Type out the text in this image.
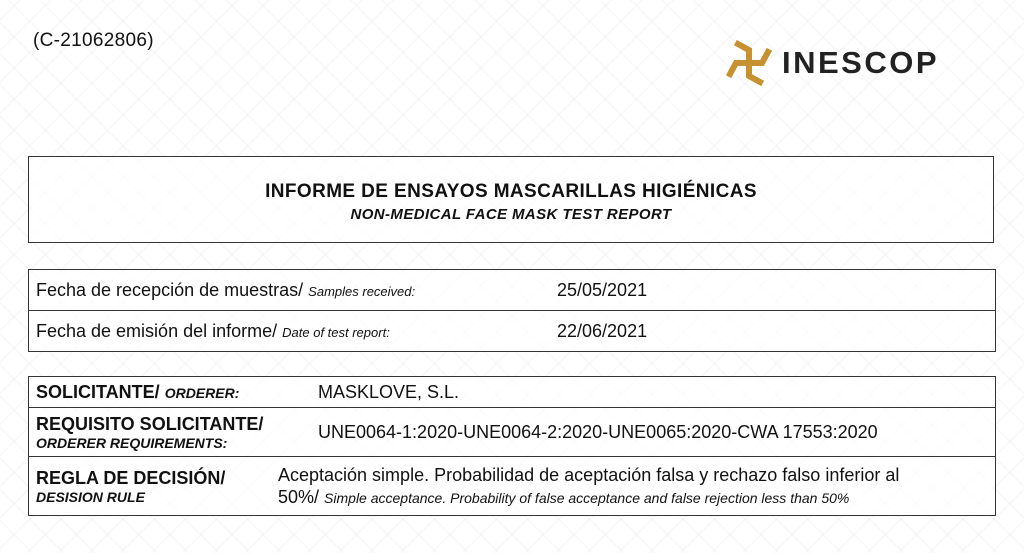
(C-21062806)
INESCOP
INFORME DE ENSAYOS MASCARILLAS HIGIÉNICAS
NON-MEDICAL FACE MASK TEST REPORT
Fecha de recepción de muestras/ Samples received:	25/05/2021
Fecha de emisión del informe/ Date of test report:	22/06/2021
SOLICITANTE/ ORDERER:	MASKLOVE, S.L.
REQUISITO SOLICITANTE/
ORDERER REQUIREMENTS:	UNE0064-1:2020-UNE0064-2:2020-UNE0065:2020-CWA 17553:2020
REGLA DE DECISIÓN/
DESISION RULE	Aceptación simple. Probabilidad de aceptación falsa y rechazo falso inferior al
50%/ Simple acceptance. Probability of false acceptance and false rejection less than 50%
